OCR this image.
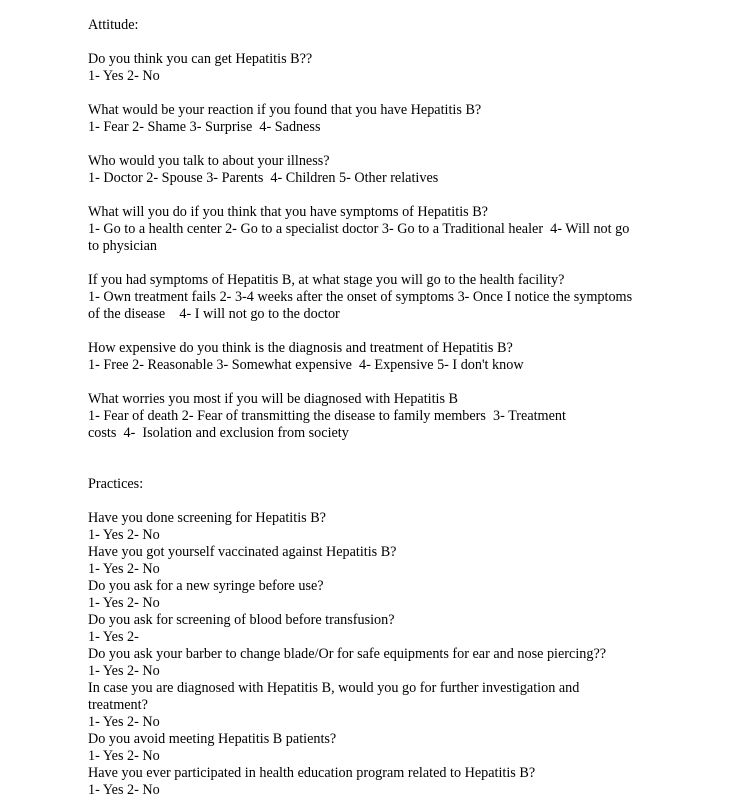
Attitude:
Do you think you can get Hepatitis B??
1- Yes 2- No
What would be your reaction if you found that you have Hepatitis B?
1- Fear 2- Shame 3- Surprise  4- Sadness
Who would you talk to about your illness?
1- Doctor 2- Spouse 3- Parents  4- Children 5- Other relatives
What will you do if you think that you have symptoms of Hepatitis B?
1- Go to a health center 2- Go to a specialist doctor 3- Go to a Traditional healer  4- Will not go
to physician
If you had symptoms of Hepatitis B, at what stage you will go to the health facility?
1- Own treatment fails 2- 3-4 weeks after the onset of symptoms 3- Once I notice the symptoms
of the disease    4- I will not go to the doctor
How expensive do you think is the diagnosis and treatment of Hepatitis B?
1- Free 2- Reasonable 3- Somewhat expensive  4- Expensive 5- I don't know
What worries you most if you will be diagnosed with Hepatitis B
1- Fear of death 2- Fear of transmitting the disease to family members  3- Treatment
costs  4-  Isolation and exclusion from society
Practices:
Have you done screening for Hepatitis B?
1- Yes 2- No
Have you got yourself vaccinated against Hepatitis B?
1- Yes 2- No
Do you ask for a new syringe before use?
1- Yes 2- No
Do you ask for screening of blood before transfusion?
1- Yes 2-
Do you ask your barber to change blade/Or for safe equipments for ear and nose piercing??
1- Yes 2- No
In case you are diagnosed with Hepatitis B, would you go for further investigation and
treatment?
1- Yes 2- No
Do you avoid meeting Hepatitis B patients?
1- Yes 2- No
Have you ever participated in health education program related to Hepatitis B?
1- Yes 2- No
